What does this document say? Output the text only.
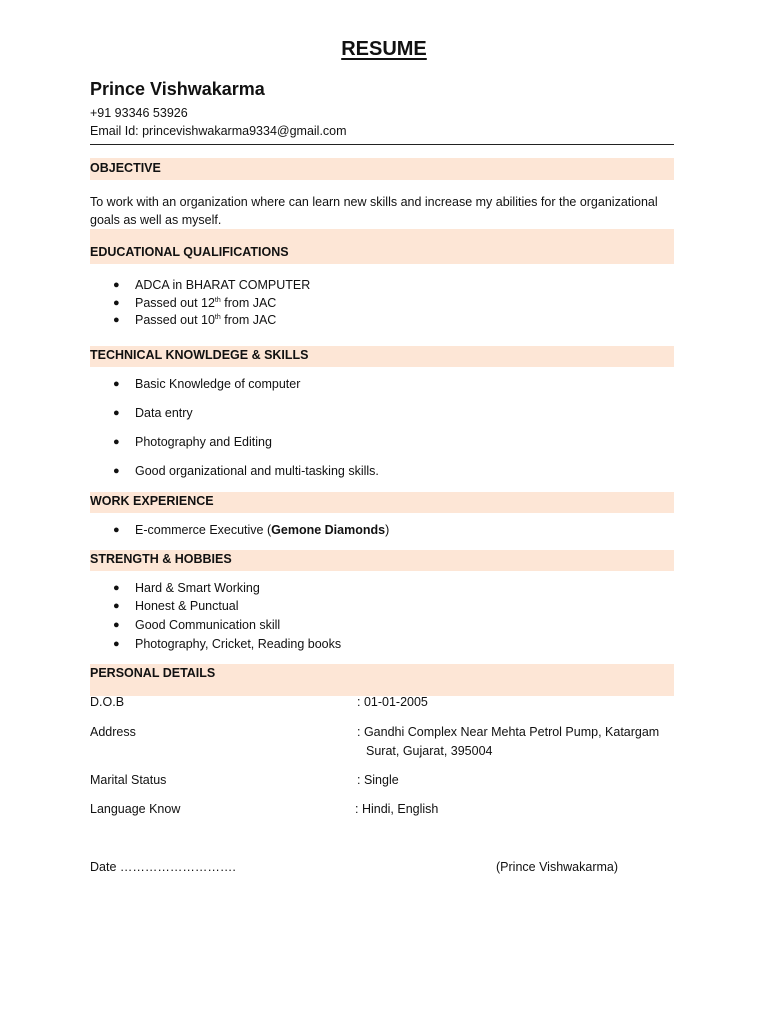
RESUME
Prince Vishwakarma
+91 93346 53926
Email Id: princevishwakarma9334@gmail.com
OBJECTIVE
To work with an organization where can learn new skills and increase my abilities for the organizational goals as well as myself.
EDUCATIONAL QUALIFICATIONS
● ADCA in BHARAT COMPUTER
● Passed out 12th from JAC
● Passed out 10th from JAC
TECHNICAL KNOWLDEGE & SKILLS
● Basic Knowledge of computer
● Data entry
● Photography and Editing
● Good organizational and multi-tasking skills.
WORK EXPERIENCE
● E-commerce Executive (Gemone Diamonds)
STRENGTH & HOBBIES
● Hard & Smart Working
● Honest & Punctual
● Good Communication skill
● Photography, Cricket, Reading books
PERSONAL DETAILS
D.O.B	: 01-01-2005
Address	: Gandhi Complex Near Mehta Petrol Pump, Katargam
Surat, Gujarat, 395004
Marital Status	: Single
Language Know	: Hindi, English
Date ……………………….	(Prince Vishwakarma)
